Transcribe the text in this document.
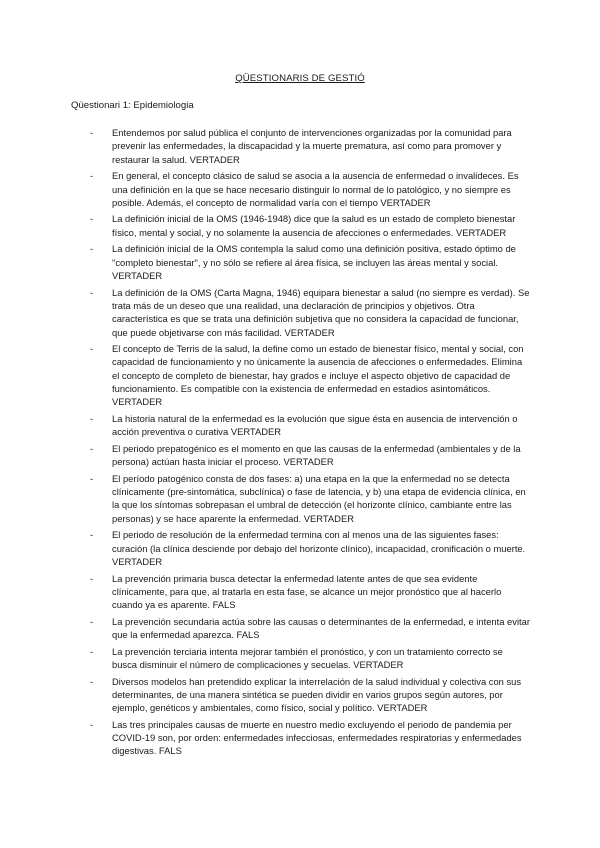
QÜESTIONARIS DE GESTIÓ
Qüestionari 1: Epidemiologia
- Entendemos por salud pública el conjunto de intervenciones organizadas por la comunidad para prevenir las enfermedades, la discapacidad y la muerte prematura, así como para promover y restaurar la salud. VERTADER
- En general, el concepto clásico de salud se asocia a la ausencia de enfermedad o invalideces. Es una definición en la que se hace necesario distinguir lo normal de lo patológico, y no siempre es posible. Además, el concepto de normalidad varía con el tiempo VERTADER
- La definición inicial de la OMS (1946-1948) dice que la salud es un estado de completo bienestar físico, mental y social, y no solamente la ausencia de afecciones o enfermedades. VERTADER
- La definición inicial de la OMS contempla la salud como una definición positiva, estado óptimo de "completo bienestar", y no sólo se refiere al área física, se incluyen las áreas mental y social. VERTADER
- La definición de la OMS (Carta Magna, 1946) equipara bienestar a salud (no siempre es verdad). Se trata más de un deseo que una realidad, una declaración de principios y objetivos. Otra característica es que se trata una definición subjetiva que no considera la capacidad de funcionar, que puede objetivarse con más facilidad. VERTADER
- El concepto de Terris de la salud, la define como un estado de bienestar físico, mental y social, con capacidad de funcionamiento y no únicamente la ausencia de afecciones o enfermedades. Elimina el concepto de completo de bienestar, hay grados e incluye el aspecto objetivo de capacidad de funcionamiento. Es compatible con la existencia de enfermedad en estadios asintomáticos. VERTADER
- La historia natural de la enfermedad es la evolución que sigue ésta en ausencia de intervención o acción preventiva o curativa VERTADER
- El periodo prepatogénico es el momento en que las causas de la enfermedad (ambientales y de la persona) actúan hasta iniciar el proceso. VERTADER
- El período patogénico consta de dos fases: a) una etapa en la que la enfermedad no se detecta clínicamente (pre-sintomática, subclínica) o fase de latencia, y b) una etapa de evidencia clínica, en la que los síntomas sobrepasan el umbral de detección (el horizonte clínico, cambiante entre las personas) y se hace aparente la enfermedad. VERTADER
- El periodo de resolución de la enfermedad termina con al menos una de las siguientes fases: curación (la clínica desciende por debajo del horizonte clínico), incapacidad, cronificación o muerte. VERTADER
- La prevención primaria busca detectar la enfermedad latente antes de que sea evidente clínicamente, para que, al tratarla en esta fase, se alcance un mejor pronóstico que al hacerlo cuando ya es aparente. FALS
- La prevención secundaria actúa sobre las causas o determinantes de la enfermedad, e intenta evitar que la enfermedad aparezca. FALS
- La prevención terciaria intenta mejorar también el pronóstico, y con un tratamiento correcto se busca disminuir el número de complicaciones y secuelas. VERTADER
- Diversos modelos han pretendido explicar la interrelación de la salud individual y colectiva con sus determinantes, de una manera sintética se pueden dividir en varios grupos según autores, por ejemplo, genéticos y ambientales, como físico, social y político. VERTADER
- Las tres principales causas de muerte en nuestro medio excluyendo el periodo de pandemia per COVID-19 son, por orden: enfermedades infecciosas, enfermedades respiratorias y enfermedades digestivas. FALS
